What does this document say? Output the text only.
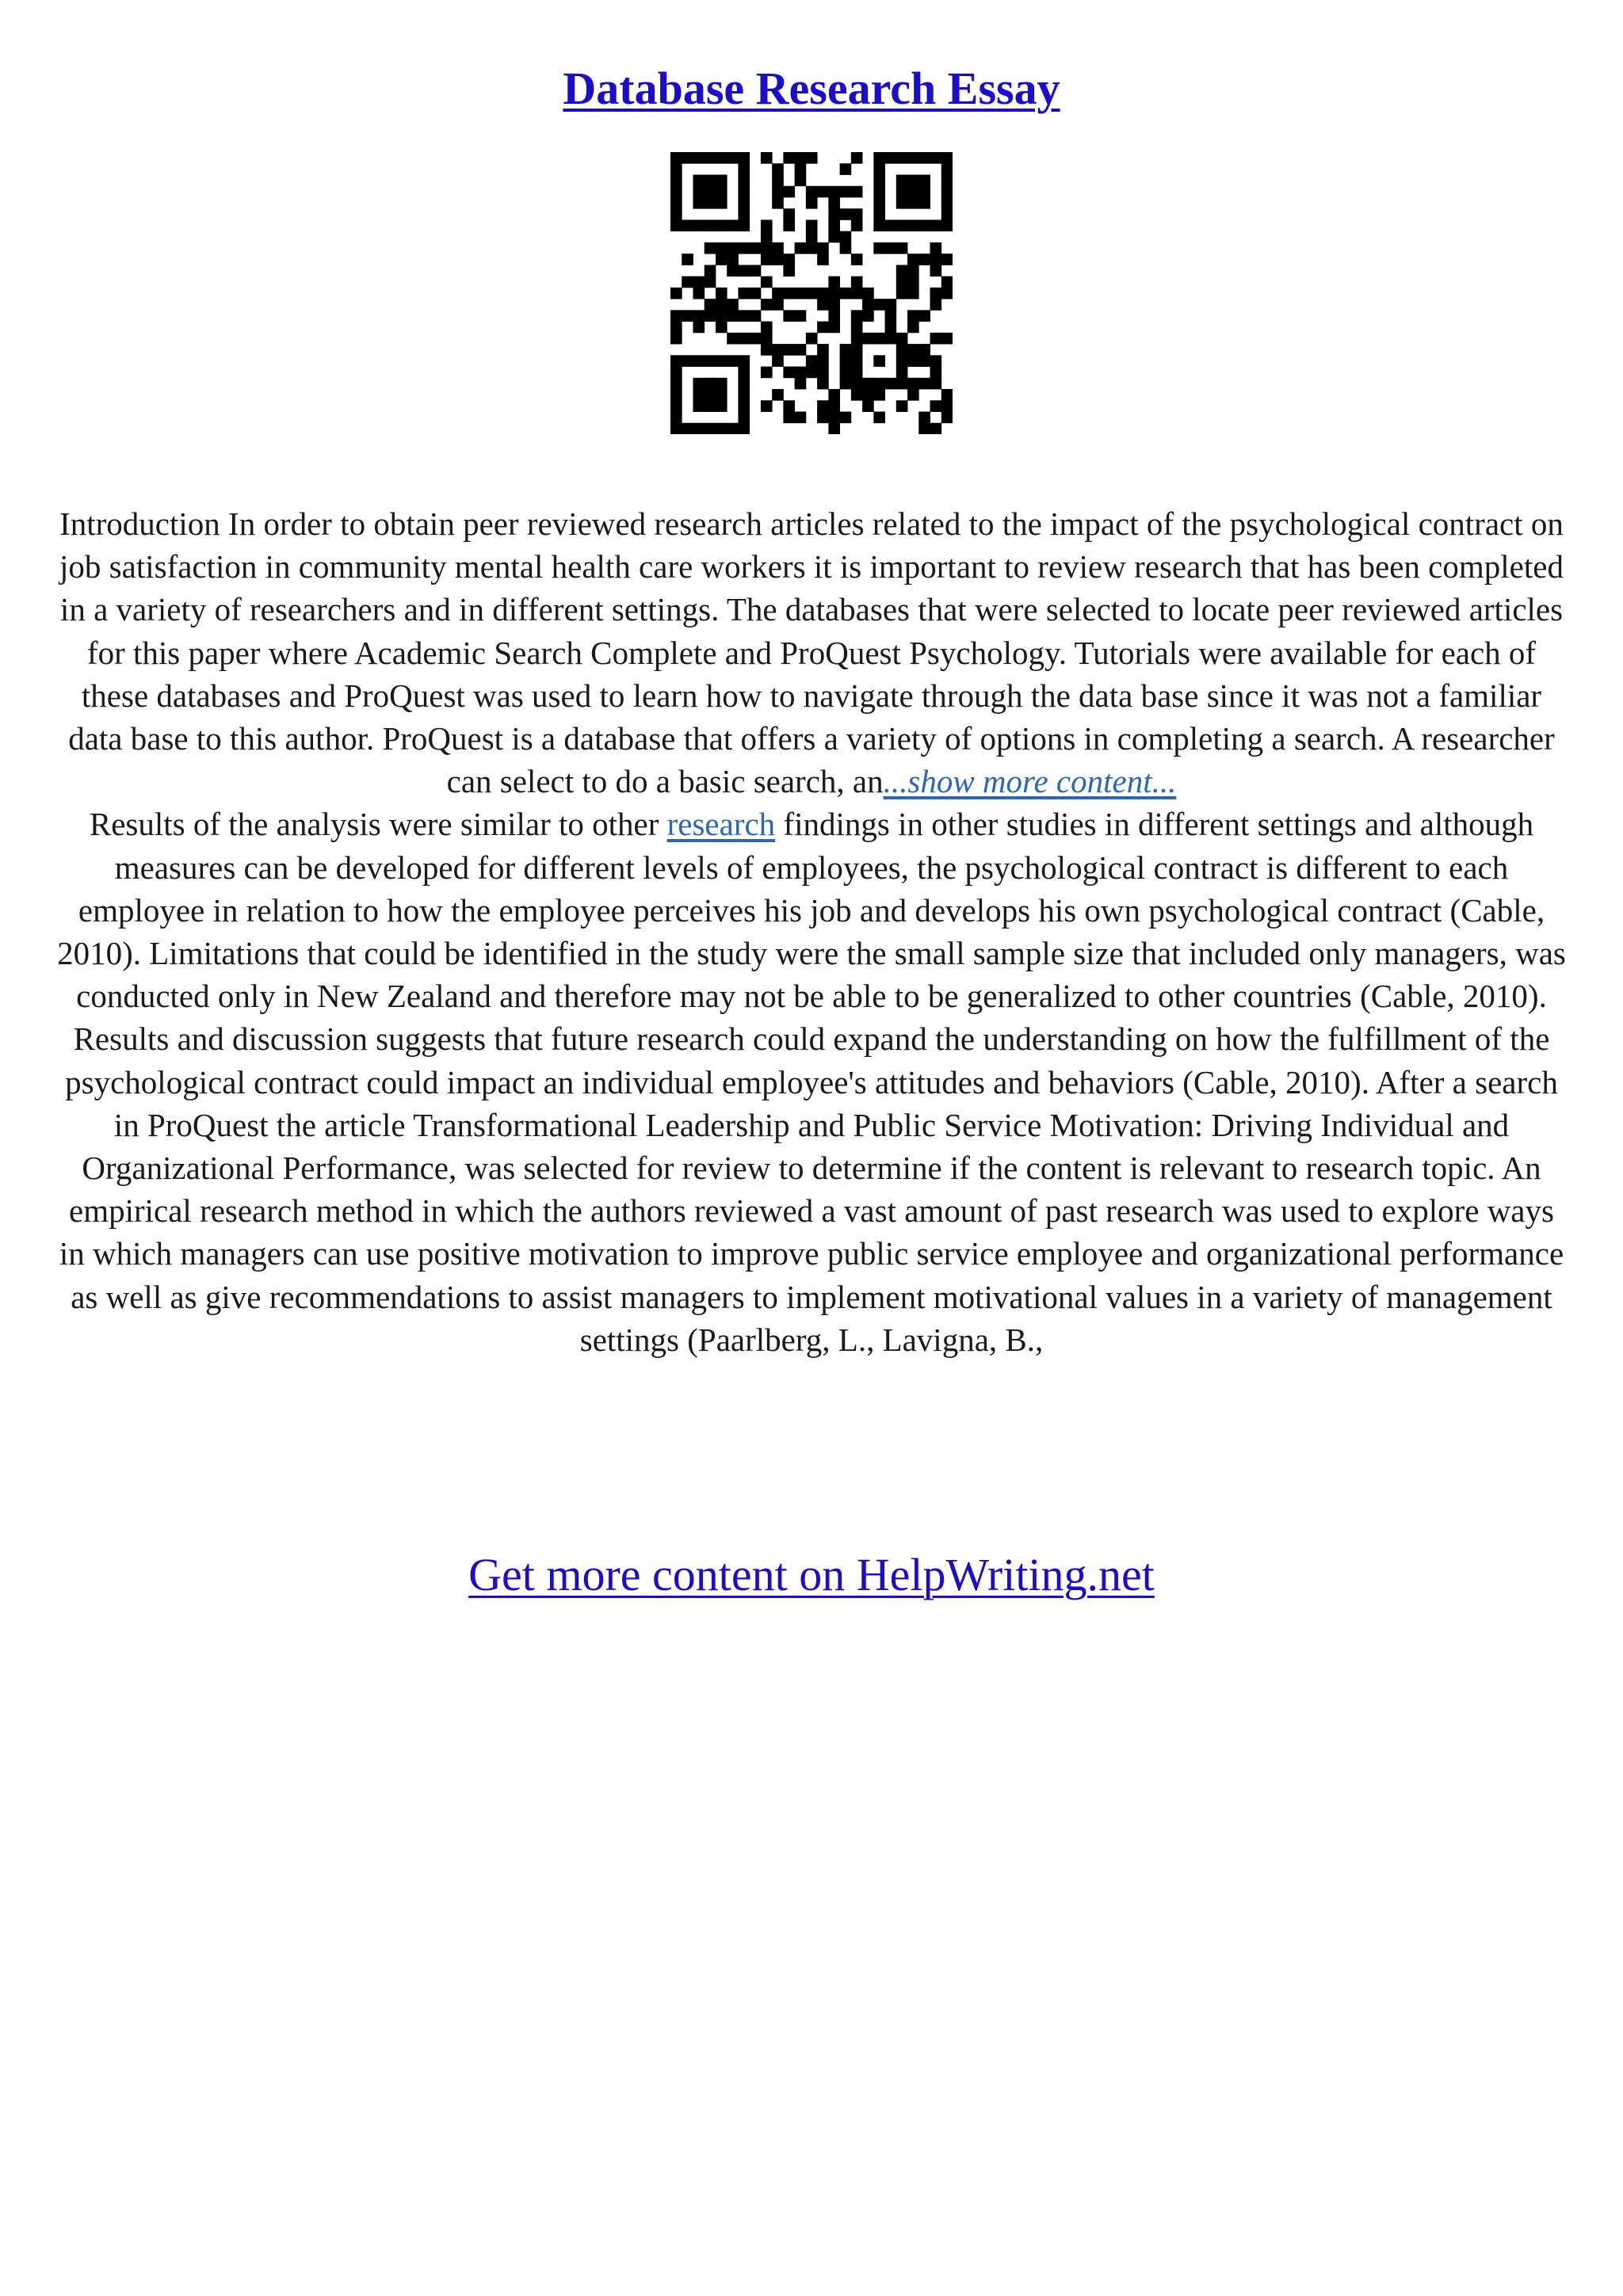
Database Research Essay
Introduction In order to obtain peer reviewed research articles related to the impact of the psychological contract on job satisfaction in community mental health care workers it is important to review research that has been completed in a variety of researchers and in different settings. The databases that were selected to locate peer reviewed articles for this paper where Academic Search Complete and ProQuest Psychology. Tutorials were available for each of these databases and ProQuest was used to learn how to navigate through the data base since it was not a familiar data base to this author. ProQuest is a database that offers a variety of options in completing a search. A researcher can select to do a basic search, an...show more content...
Results of the analysis were similar to other research findings in other studies in different settings and although measures can be developed for different levels of employees, the psychological contract is different to each employee in relation to how the employee perceives his job and develops his own psychological contract (Cable, 2010). Limitations that could be identified in the study were the small sample size that included only managers, was conducted only in New Zealand and therefore may not be able to be generalized to other countries (Cable, 2010). Results and discussion suggests that future research could expand the understanding on how the fulfillment of the psychological contract could impact an individual employee's attitudes and behaviors (Cable, 2010). After a search in ProQuest the article Transformational Leadership and Public Service Motivation: Driving Individual and Organizational Performance, was selected for review to determine if the content is relevant to research topic. An empirical research method in which the authors reviewed a vast amount of past research was used to explore ways in which managers can use positive motivation to improve public service employee and organizational performance as well as give recommendations to assist managers to implement motivational values in a variety of management settings (Paarlberg, L., Lavigna, B.,
Get more content on HelpWriting.net
